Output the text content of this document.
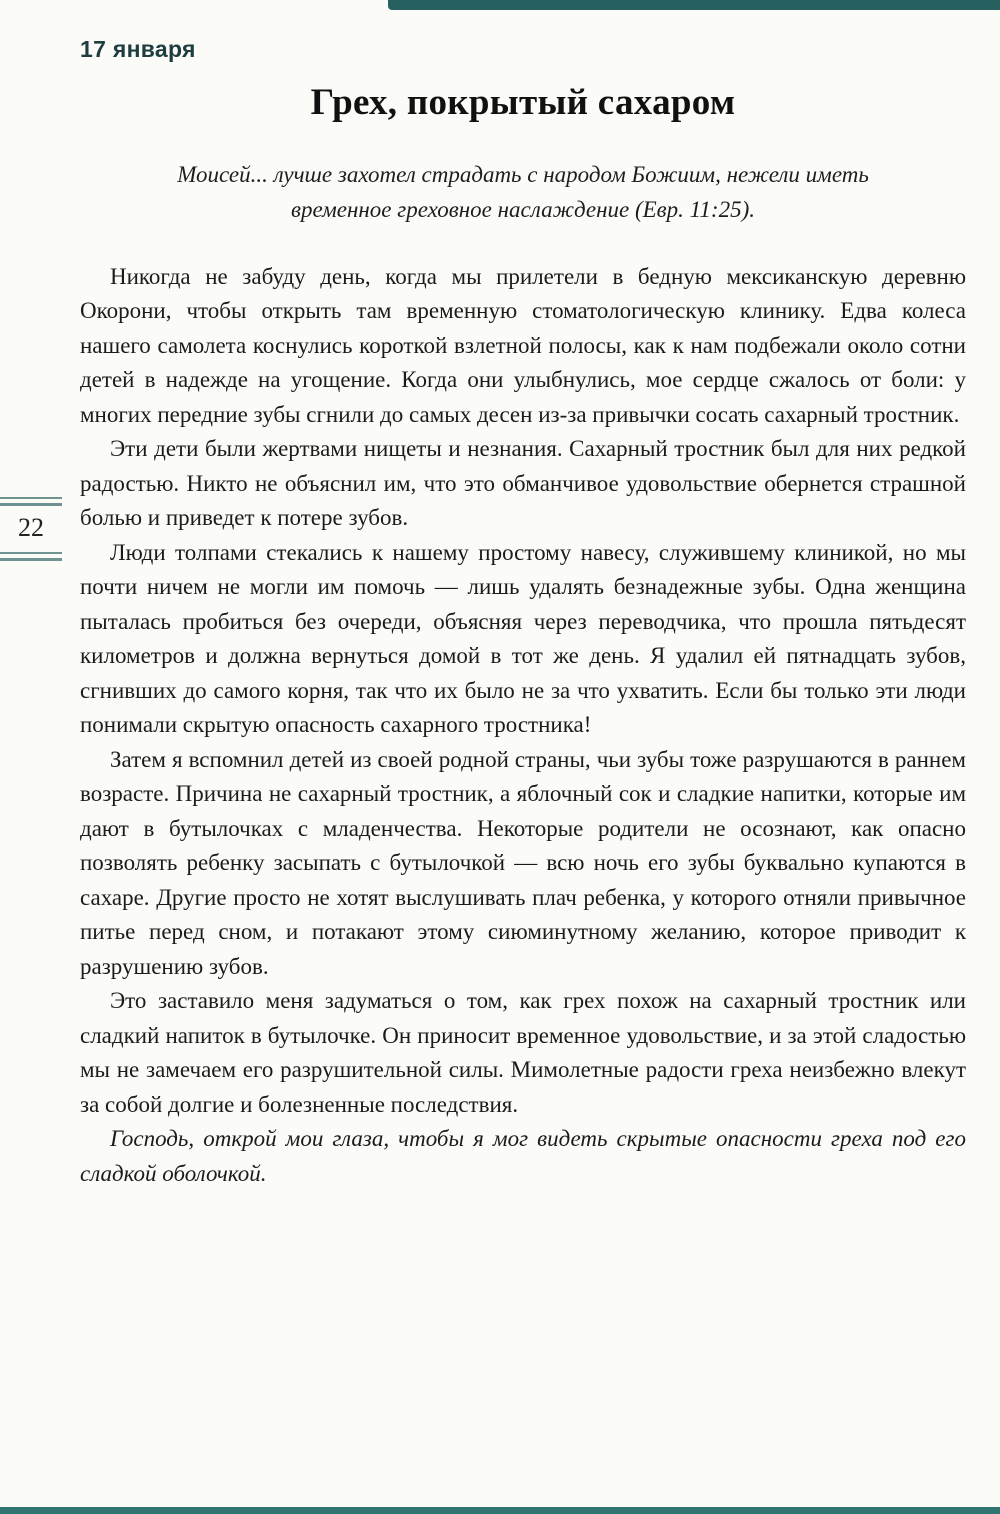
22
17 января
Грех, покрытый сахаром
Моисей... лучше захотел страдать с народом Божиим, нежели иметь временное греховное наслаждение (Евр. 11:25).

Никогда не забуду день, когда мы прилетели в бедную мексиканскую деревню Окорони, чтобы открыть там временную стоматологическую клинику. Едва колеса нашего самолета коснулись короткой взлетной полосы, как к нам подбежали около сотни детей в надежде на угощение. Когда они улыбнулись, мое сердце сжалось от боли: у многих передние зубы сгнили до самых десен из-за привычки сосать сахарный тростник.

Эти дети были жертвами нищеты и незнания. Сахарный тростник был для них редкой радостью. Никто не объяснил им, что это обманчивое удовольствие обернется страшной болью и приведет к потере зубов.

Люди толпами стекались к нашему простому навесу, служившему клиникой, но мы почти ничем не могли им помочь — лишь удалять безнадежные зубы. Одна женщина пыталась пробиться без очереди, объясняя через переводчика, что прошла пятьдесят километров и должна вернуться домой в тот же день. Я удалил ей пятнадцать зубов, сгнивших до самого корня, так что их было не за что ухватить. Если бы только эти люди понимали скрытую опасность сахарного тростника!

Затем я вспомнил детей из своей родной страны, чьи зубы тоже разрушаются в раннем возрасте. Причина не сахарный тростник, а яблочный сок и сладкие напитки, которые им дают в бутылочках с младенчества. Некоторые родители не осознают, как опасно позволять ребенку засыпать с бутылочкой — всю ночь его зубы буквально купаются в сахаре. Другие просто не хотят выслушивать плач ребенка, у которого отняли привычное питье перед сном, и потакают этому сиюминутному желанию, которое приводит к разрушению зубов.

Это заставило меня задуматься о том, как грех похож на сахарный тростник или сладкий напиток в бутылочке. Он приносит временное удовольствие, и за этой сладостью мы не замечаем его разрушительной силы. Мимолетные радости греха неизбежно влекут за собой долгие и болезненные последствия.

Господь, открой мои глаза, чтобы я мог видеть скрытые опасности греха под его сладкой оболочкой.
